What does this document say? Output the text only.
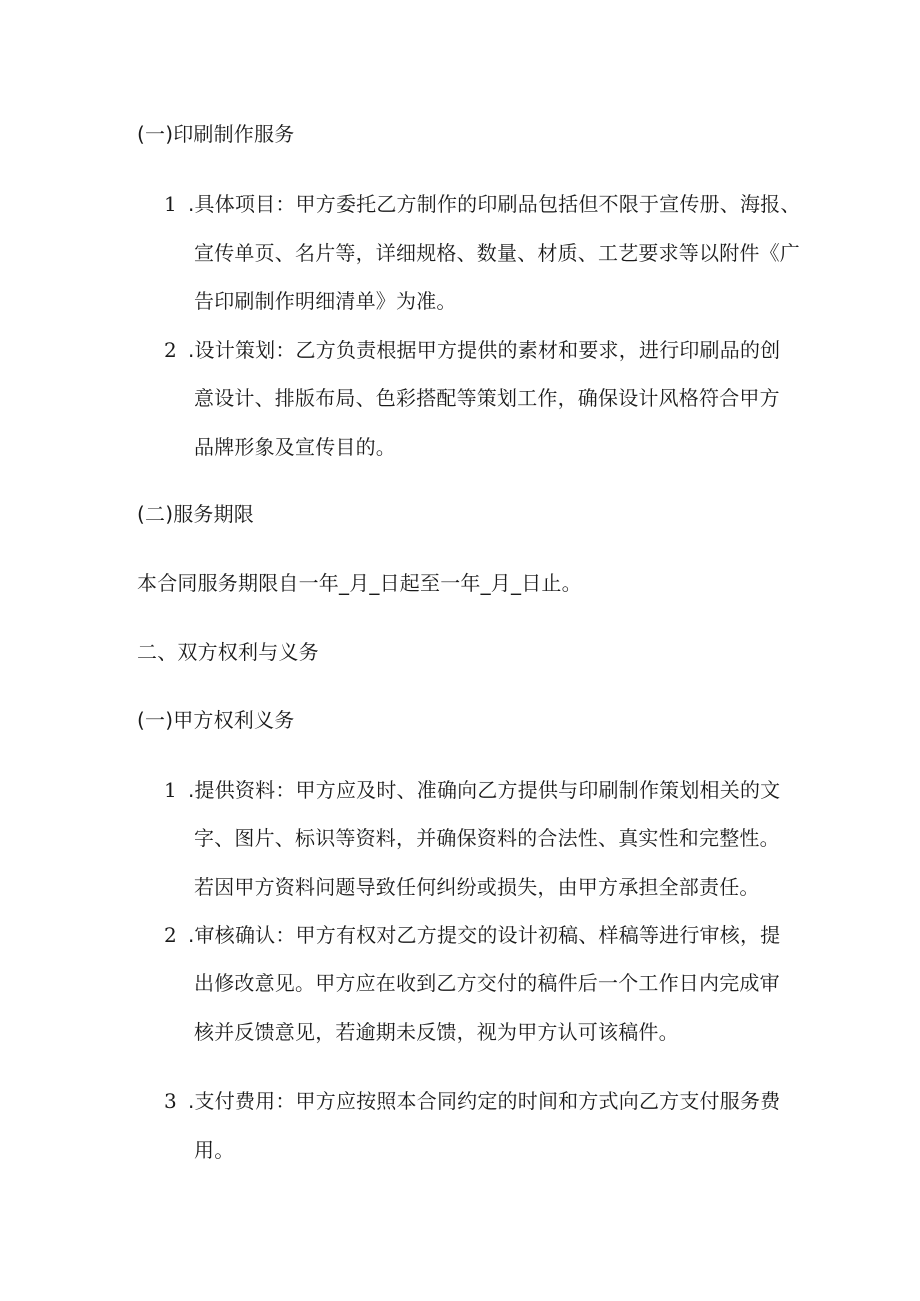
(一)印刷制作服务
1 .具体项目：甲方委托乙方制作的印刷品包括但不限于宣传册、海报、
宣传单页、名片等，详细规格、数量、材质、工艺要求等以附件《广
告印刷制作明细清单》为准。
2 .设计策划：乙方负责根据甲方提供的素材和要求，进行印刷品的创
意设计、排版布局、色彩搭配等策划工作，确保设计风格符合甲方
品牌形象及宣传目的。
(二)服务期限
本合同服务期限自一年_月_日起至一年_月_日止。
二、双方权利与义务
(一)甲方权利义务
1 .提供资料：甲方应及时、准确向乙方提供与印刷制作策划相关的文
字、图片、标识等资料，并确保资料的合法性、真实性和完整性。
若因甲方资料问题导致任何纠纷或损失，由甲方承担全部责任。
2 .审核确认：甲方有权对乙方提交的设计初稿、样稿等进行审核，提
出修改意见。甲方应在收到乙方交付的稿件后一个工作日内完成审
核并反馈意见，若逾期未反馈，视为甲方认可该稿件。
3 .支付费用：甲方应按照本合同约定的时间和方式向乙方支付服务费
用。
